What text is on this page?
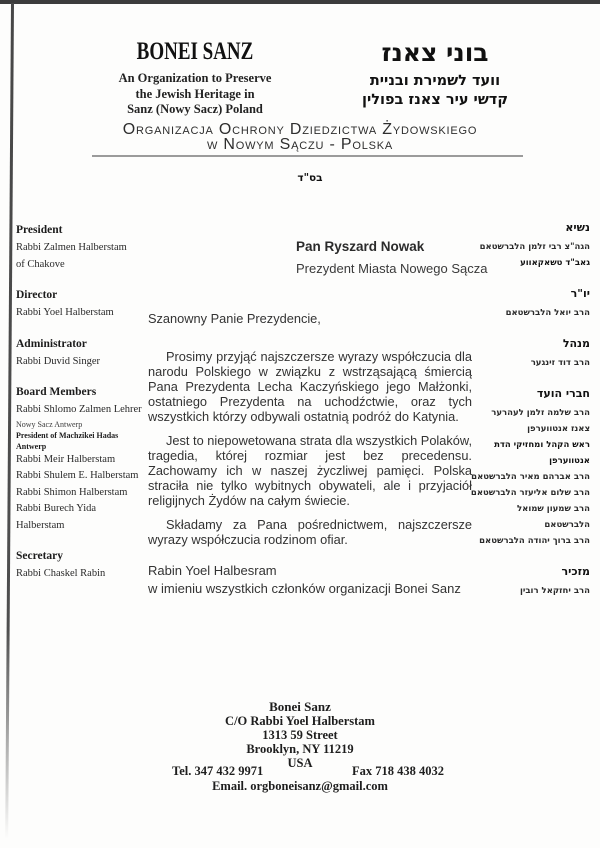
BONEI SANZ
An Organization to Preserve
the Jewish Heritage in
Sanz (Nowy Sacz) Poland
בוני צאנז
וועד לשמירת ובניית
קדשי עיר צאנז בפולין
Organizacja Ochrony Dziedzictwa Żydowskiego
w Nowym Sączu - Polska
בס"ד
President
Rabbi Zalmen Halberstam
of Chakove
Director
Rabbi Yoel Halberstam
Administrator
Rabbi Duvid Singer
Board Members
Rabbi Shlomo Zalmen Lehrer
Nowy Sacz Antwerp
President of Machzikei Hadas
Antwerp
Rabbi Meir Halberstam
Rabbi Shulem E. Halberstam
Rabbi Shimon Halberstam
Rabbi Burech Yida Halberstam
Secretary
Rabbi Chaskel Rabin
נשיא
הגה"צ רבי זלמן הלברשטאם
גאב"ד טשאקאווע
יו"ר
הרב יואל הלברשטאם
מנהל
הרב דוד זינגער
חברי הועד
הרב שלמה זלמן לעהרער
צאנז אנטווערפן
ראש הקהל ומחזיקי הדת אנטווערפן
הרב אברהם מאיר הלברשטאם
הרב שלום אליעזר הלברשטאם
הרב שמעון שמואל הלברשטאם
הרב ברוך יהודה הלברשטאם
מזכיר
הרב יחזקאל רובין
Pan Ryszard Nowak
Prezydent Miasta Nowego Sącza
Szanowny Panie Prezydencie,

Prosimy przyjąć najszczersze wyrazy współczucia dla narodu Polskiego w związku z wstrząsającą śmiercią Pana Prezydenta Lecha Kaczyńskiego jego Małżonki, ostatniego Prezydenta na uchodźctwie, oraz tych wszystkich którzy odbywali ostatnią podróż do Katynia.

Jest to niepowetowana strata dla wszystkich Polaków, tragedia, której rozmiar jest bez precedensu. Zachowamy ich w naszej życzliwej pamięci. Polska straciła nie tylko wybitnych obywateli, ale i przyjaciół religijnych Żydów na całym świecie.

Składamy za Pana pośrednictwem, najszczersze wyrazy współczucia rodzinom ofiar.

Rabin Yoel Halbesram
w imieniu wszystkich członków organizacji Bonei Sanz
Bonei Sanz
C/O Rabbi Yoel Halberstam
1313 59 Street
Brooklyn, NY 11219
USA
Tel. 347 432 9971	Fax 718 438 4032
Email. orgboneisanz@gmail.com
